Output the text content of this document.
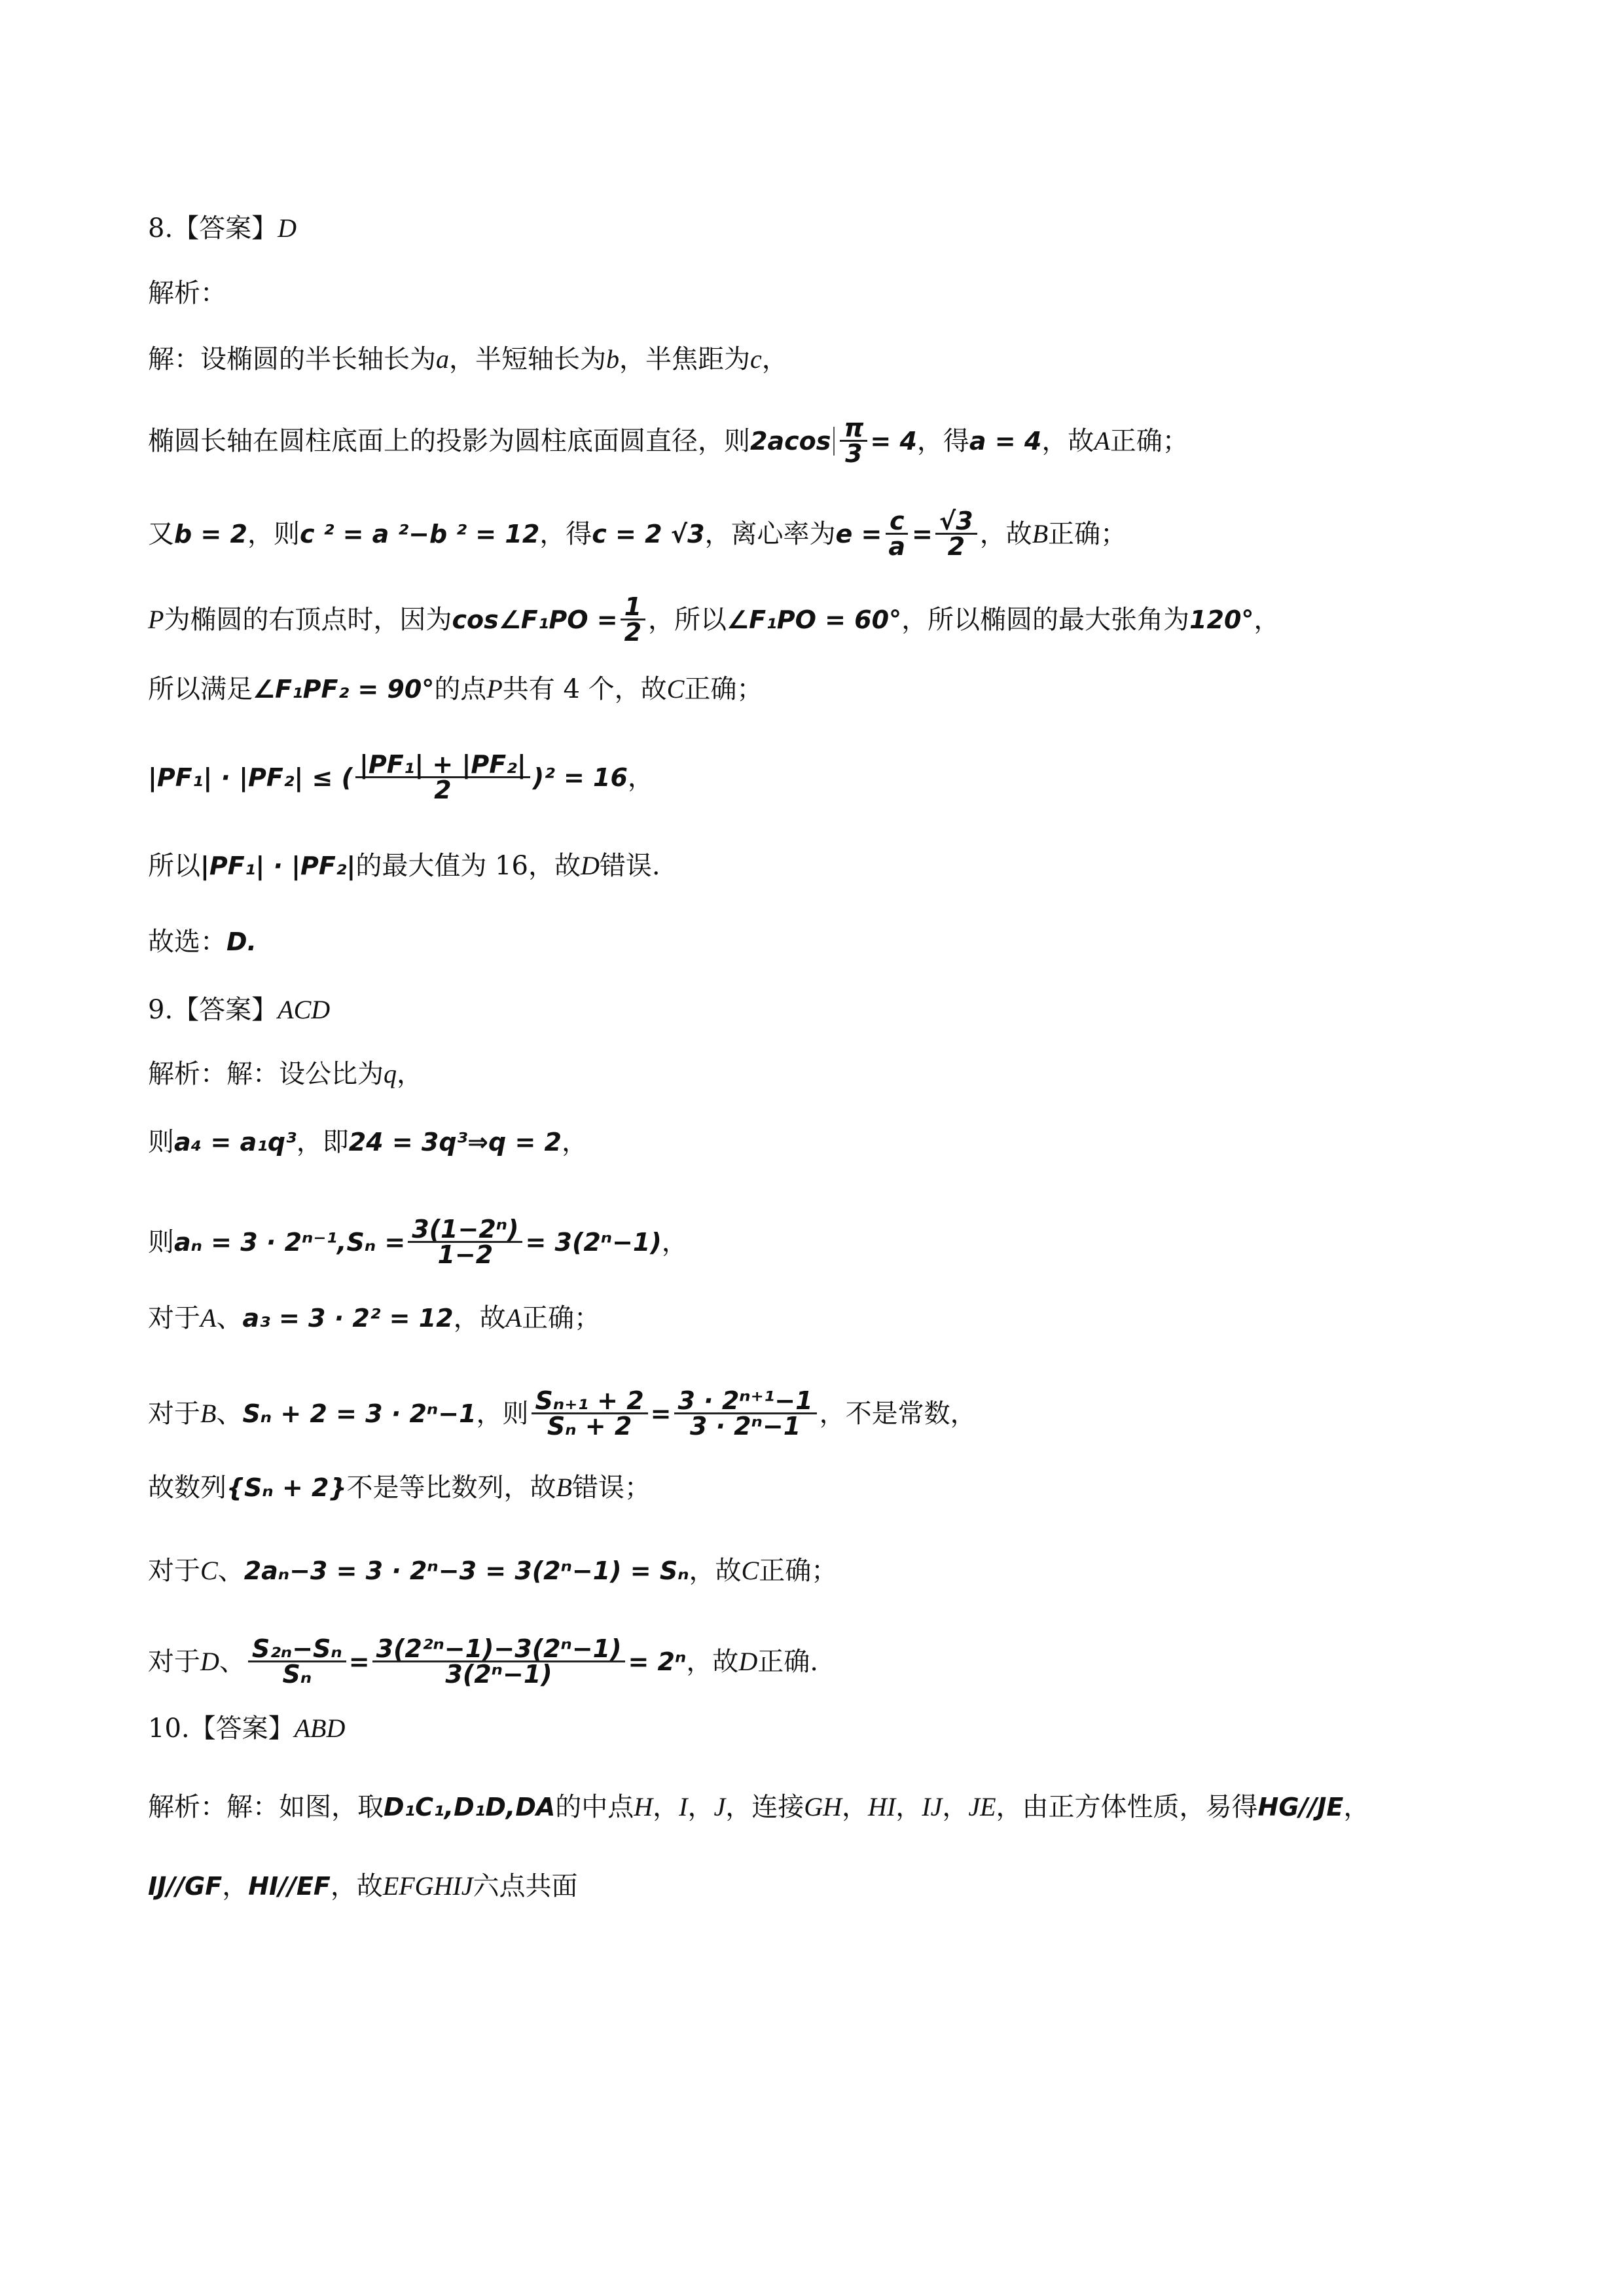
8.【答案】 D
解析：
解：设椭圆的半长轴长为 a ，半短轴长为 b ，半焦距为 c ，
椭圆长轴在圆柱底面上的投影为圆柱底面圆直径，则 $2acos \frac{\pi}{3} = 4$ ，得 a = 4 ，故 A 正确；
又 b = 2 ，则 c ² = a ²−b ² = 12 ，得 c = 2 √3 ，离心率为 $e = \frac{c}{a} = \frac{√3}{2}$ ，故 B 正确；
P 为椭圆的右顶点时，因为 cos∠F₁PO = $\frac{1}{2}$ ，所以 ∠F₁PO = 60° ，所以椭圆的最大张角为 120° ，
所以满足 ∠F₁PF₂ = 90° 的点 P 共有 4 个，故 C 正确；
|PF₁| · |PF₂| ≤ ( $\frac{\text{|PF₁| + |PF₂|}}{2} )^2 = 16$ ，
所以 |PF₁| · |PF₂| 的最大值为 16，故 D 错误.
故选： D.
9.【答案】 ACD
解析：解：设公比为 q ，
则 a₄ = a₁q³ ，即 24 = 3q³⇒q = 2 ，
则 $a_n = 3 \cdot 2^{n-1},S_n = \frac{\text{3(1−2ⁿ)}}{1-2} = 3(2^n-1)$ ，
对于 A 、 a₃ = 3 · 2² = 12 ，故 A 正确；
对于 B 、 Sₙ + 2 = 3 · 2ⁿ−1 ，则 $\frac{\text{Sₙ₊₁ + 2}}{\text{Sₙ + 2}} = \frac{\text{3 · 2ⁿ⁺¹−1}}{\text{3 · 2ⁿ−1}}$ ，不是常数，
故数列 {Sₙ + 2} 不是等比数列，故 B 错误；
对于 C 、 2aₙ−3 = 3 · 2ⁿ−3 = 3(2ⁿ−1) = Sₙ ，故 C 正确；
对于 D 、 $\frac{\text{S₂ₙ−Sₙ}}{\text{Sₙ}} = \frac{\text{3(2²ⁿ−1)−3(2ⁿ−1)}}{\text{3(2ⁿ−1)}} = 2^n$ ，故 D 正确.
10.【答案】 ABD
解析：解：如图，取 D₁C₁,D₁D,DA 的中点 H ， I ， J ，连接 GH ， HI ， IJ ， JE ，由正方体性质，易得 HG//JE ，
IJ//GF ， HI//EF ，故 EFGHIJ 六点共面
